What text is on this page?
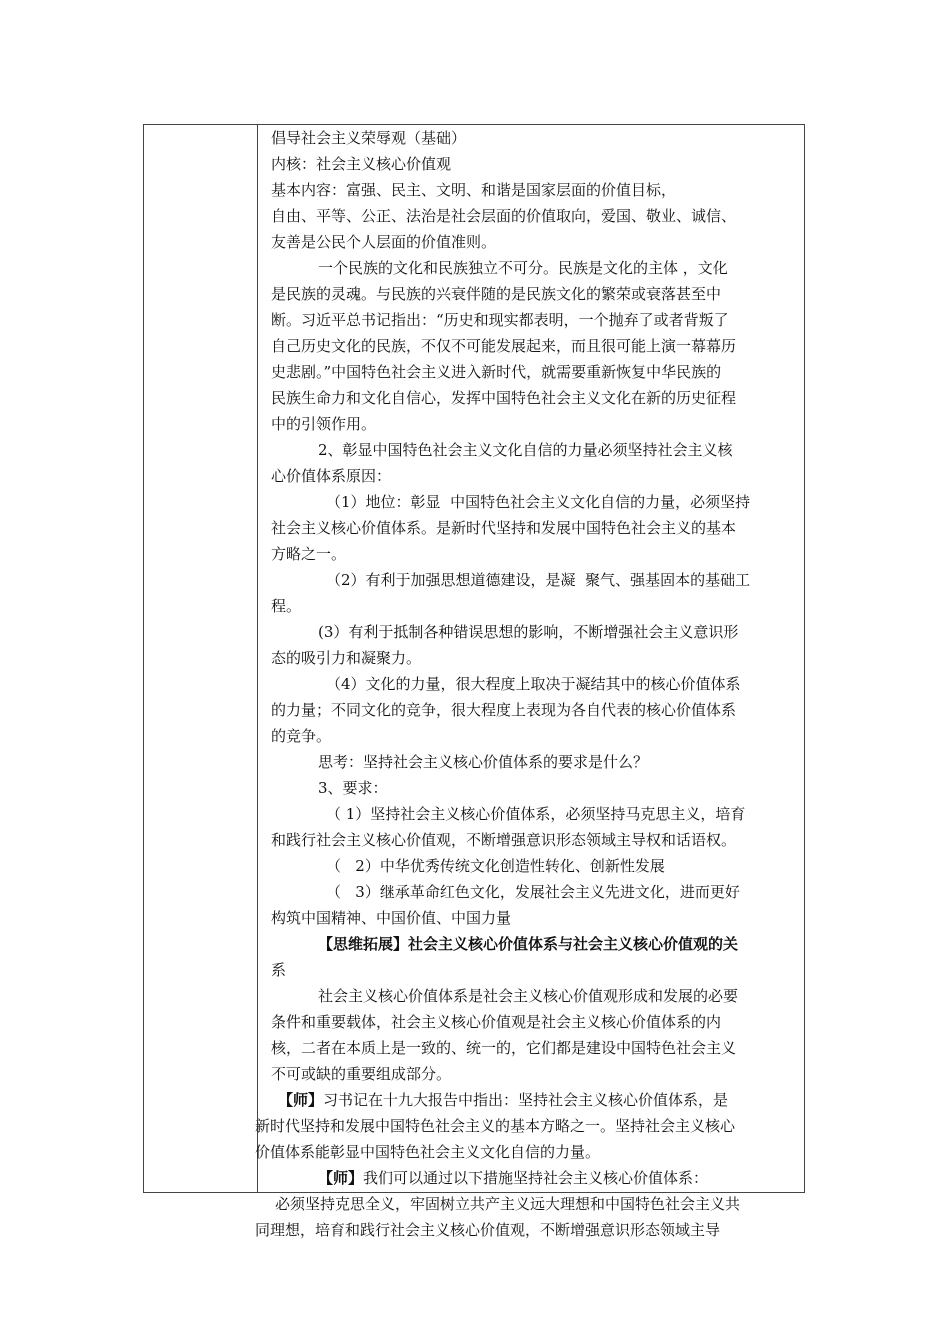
倡导社会主义荣辱观（基础）
内核：社会主义核心价值观
基本内容：富强、民主、文明、和谐是国家层面的价值目标，
自由、平等、公正、法治是社会层面的价值取向，爱国、敬业、诚信、
友善是公民个人层面的价值准则。
一个民族的文化和民族独立不可分。民族是文化的主体 ，文化
是民族的灵魂。与民族的兴衰伴随的是民族文化的繁荣或衰落甚至中
断。习近平总书记指出：“历史和现实都表明，一个抛弃了或者背叛了
自己历史文化的民族，不仅不可能发展起来，而且很可能上演一幕幕历
史悲剧。”中国特色社会主义进入新时代，就需要重新恢复中华民族的
民族生命力和文化自信心，发挥中国特色社会主义文化在新的历史征程
中的引领作用。
2、彰显中国特色社会主义文化自信的力量必须坚持社会主义核
心价值体系原因：
（1）地位：彰显  中国特色社会主义文化自信的力量，必须坚持
社会主义核心价值体系。是新时代坚持和发展中国特色社会主义的基本
方略之一。
（2）有利于加强思想道德建设，是凝  聚气、强基固本的基础工
程。
(3）有利于抵制各种错误思想的影响，不断增强社会主义意识形
态的吸引力和凝聚力。
（4）文化的力量，很大程度上取决于凝结其中的核心价值体系
的力量；不同文化的竞争，很大程度上表现为各自代表的核心价值体系
的竞争。
思考：坚持社会主义核心价值体系的要求是什么？
3、要求：
（ 1）坚持社会主义核心价值体系，必须坚持马克思主义，培育
和践行社会主义核心价值观，不断增强意识形态领域主导权和话语权。
（   2）中华优秀传统文化创造性转化、创新性发展
（   3）继承革命红色文化，发展社会主义先进文化，进而更好
构筑中国精神、中国价值、中国力量
【思维拓展】社会主义核心价值体系与社会主义核心价值观的关
系
社会主义核心价值体系是社会主义核心价值观形成和发展的必要
条件和重要载体，社会主义核心价值观是社会主义核心价值体系的内
核，二者在本质上是一致的、统一的，它们都是建设中国特色社会主义
不可或缺的重要组成部分。
【师】习书记在十九大报告中指出：坚持社会主义核心价值体系，是
新时代坚持和发展中国特色社会主义的基本方略之一。坚持社会主义核心
价值体系能彰显中国特色社会主义文化自信的力量。
【师】我们可以通过以下措施坚持社会主义核心价值体系：
必须坚持克思全义，牢固树立共产主义远大理想和中国特色社会主义共
同理想，培育和践行社会主义核心价值观，不断增强意识形态领域主导
